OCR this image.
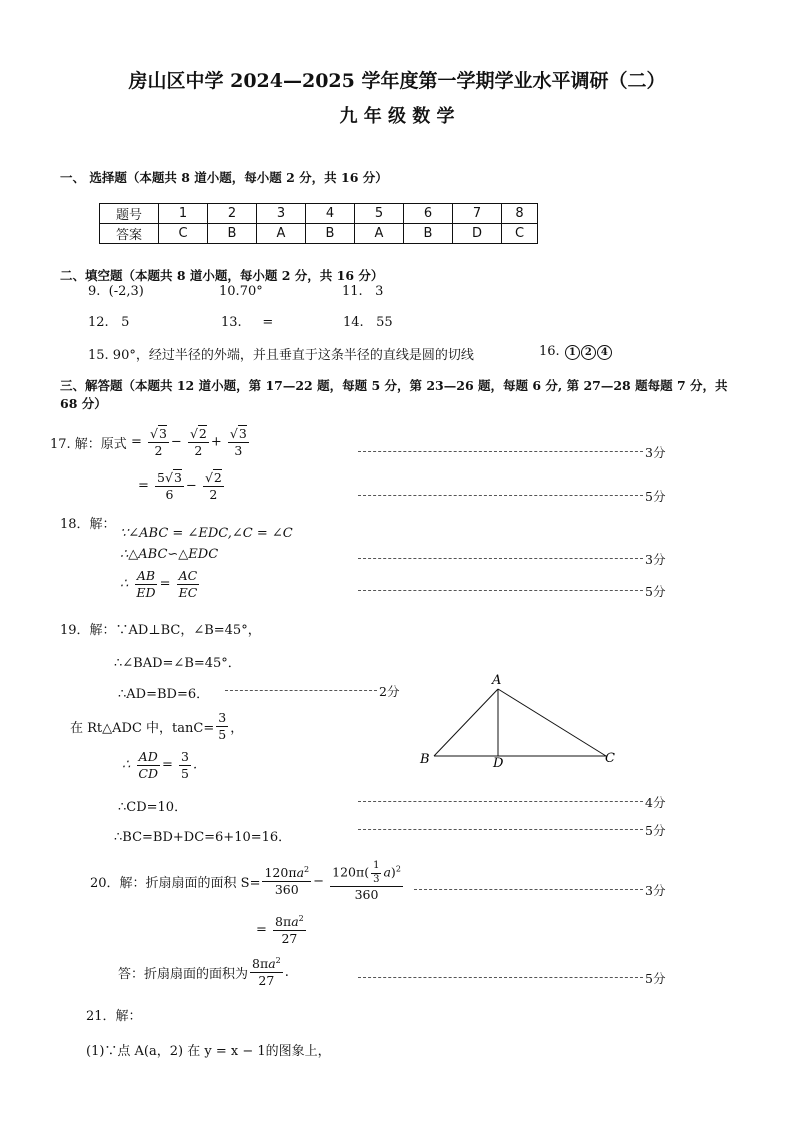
房山区中学 2024—2025 学年度第一学期学业水平调研（二）
九 年 级 数 学
一、 选择题（本题共 8 道小题，每小题 2 分，共 16 分）
题号	1	2	3	4	5	6	7	8
答案	C	B	A	B	A	B	D	C
二、填空题（本题共 8 道小题，每小题 2 分，共 16 分）
9. (-2,3)	10.70°	11. 3
12. 5	13. =	14. 55
15. 90°，经过半径的外端，并且垂直于这条半径的直线是圆的切线	16. 1 2 4
三、解答题（本题共 12 道小题，第 17—22 题，每题 5 分，第 23—26 题，每题 6 分, 第 27—28 题每题 7 分，共
68 分）
17. 解：原式 = $\frac{√3}{2} - \frac{√2}{2} + \frac{√3}{3}$	3分
= $\frac{5√3}{6} - \frac{√2}{2}$	5分
18．解：
∵∠ABC = ∠EDC,∠C = ∠C
∴△ABC∽△EDC	3分
∴ $\frac{AB}{ED} = \frac{AC}{EC}$	5分
19．解：∵AD⊥BC，∠B=45°，
∴∠BAD=∠B=45°．
∴AD=BD=6．	2分
在 Rt△ADC 中，$\tan C= \frac{3}{5}$ ，
∴ $\frac{AD}{CD} = \frac{3}{5}$ .
∴CD=10．	4分
∴BC=BD+DC=6+10=16．	5分
A
B	C
D
20．解：折扇扇面的面积 $S= \frac{120\pi a^2}{360} - \frac{120\pi( \frac{1}{3} a)^2}{360}$	3分
= $\frac{8\pi a^2}{27}$
答：折扇扇面的面积为 $\frac{8\pi a^2}{27}$ .	5分
21．解：
(1)∵点 A(a，2) 在 y = x − 1的图象上，
